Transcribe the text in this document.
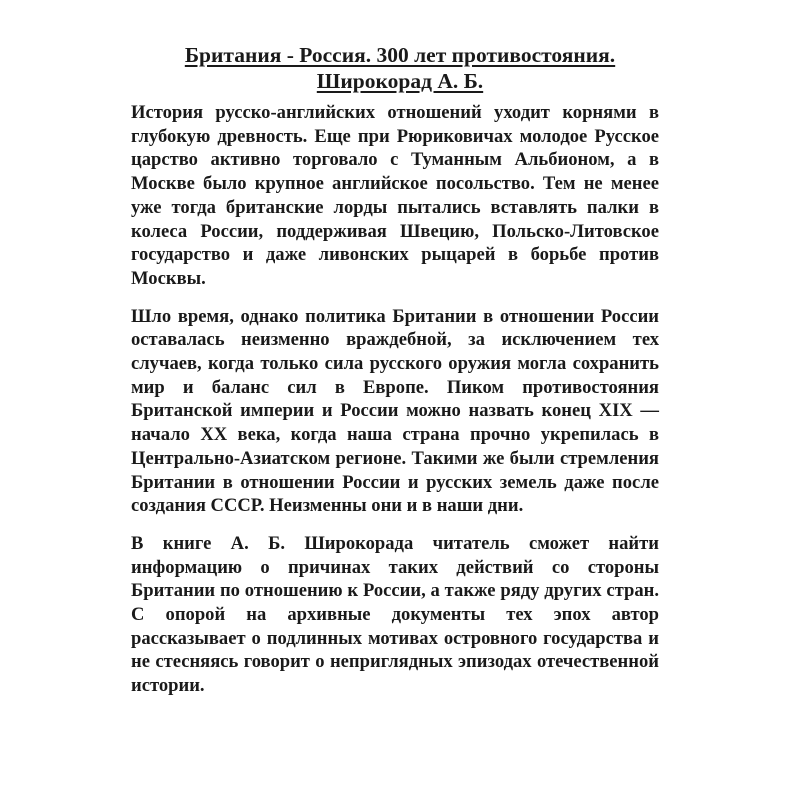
Британия - Россия. 300 лет противостояния.
Широкорад А. Б.

История русско-английских отношений уходит корнями в глубокую древность. Еще при Рюриковичах молодое Русское царство активно торговало с Туманным Альбионом, а в Москве было крупное английское посольство. Тем не менее уже тогда британские лорды пытались вставлять палки в колеса России, поддерживая Швецию, Польско-Литовское государство и даже ливонских рыцарей в борьбе против Москвы.

Шло время, однако политика Британии в отношении России оставалась неизменно враждебной, за исключением тех случаев, когда только сила русского оружия могла сохранить мир и баланс сил в Европе. Пиком противостояния Британской империи и России можно назвать конец XIX — начало XX века, когда наша страна прочно укрепилась в Центрально-Азиатском регионе. Такими же были стремления Британии в отношении России и русских земель даже после создания СССР. Неизменны они и в наши дни.

В книге А. Б. Широкорада читатель сможет найти информацию о причинах таких действий со стороны Британии по отношению к России, а также ряду других стран. С опорой на архивные документы тех эпох автор рассказывает о подлинных мотивах островного государства и не стесняясь говорит о неприглядных эпизодах отечественной истории.
